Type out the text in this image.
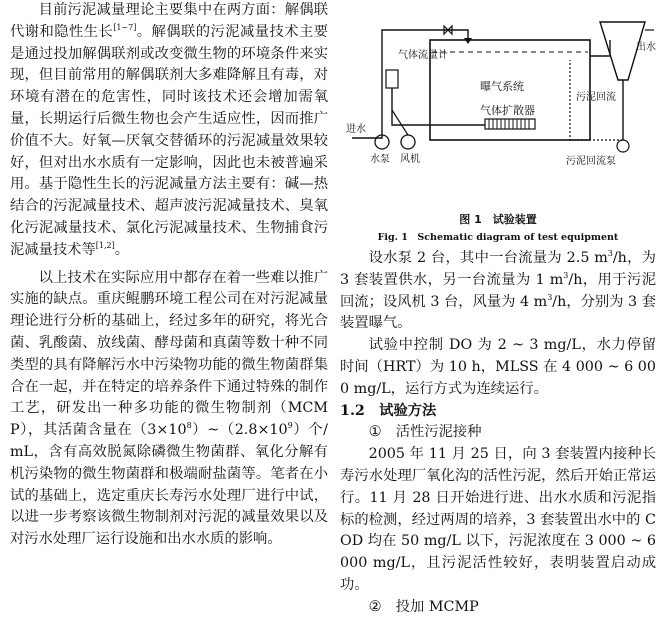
目前污泥减量理论主要集中在两方面：解偶联代谢和隐性生长[1~7]。解偶联的污泥减量技术主要是通过投加解偶联剂或改变微生物的环境条件来实现，但目前常用的解偶联剂大多难降解且有毒，对环境有潜在的危害性，同时该技术还会增加需氧量，长期运行后微生物也会产生适应性，因而推广价值不大。好氧—厌氧交替循环的污泥减量效果较好，但对出水水质有一定影响，因此也未被普遍采用。基于隐性生长的污泥减量方法主要有：碱—热结合的污泥减量技术、超声波污泥减量技术、臭氧化污泥减量技术、氯化污泥减量技术、生物捕食污泥减量技术等[1,2]。

以上技术在实际应用中都存在着一些难以推广实施的缺点。重庆鲲鹏环境工程公司在对污泥减量理论进行分析的基础上，经过多年的研究，将光合菌、乳酸菌、放线菌、酵母菌和真菌等数十种不同类型的具有降解污水中污染物功能的微生物菌群集合在一起，并在特定的培养条件下通过特殊的制作工艺，研发出一种多功能的微生物制剂（MCMP），其活菌含量在$(3\times 10^8)\sim(2.8\times 10^9)$个/mL，含有高效脱氮除磷微生物菌群、氧化分解有机污染物的微生物菌群和极端耐盐菌等。笔者在小试的基础上，选定重庆长寿污水处理厂进行中试，以进一步考察该微生物制剂对污泥的减量效果以及对污水处理厂运行设施和出水水质的影响。

气体流量计
曝气系统
气体扩散器
进水
水泵 风机
污泥回流
污泥回流泵
出水

图 1　试验装置

Fig. 1　Schematic diagram of test equipment

设水泵 2 台，其中一台流量为 2.5 $m^3/h$，为 3 套装置供水，另一台流量为 1 $m^3/h$，用于污泥回流；设风机 3 台，风量为 4 $m^3/h$，分别为 3 套装置曝气。

试验中控制 DO 为 2 ~ 3 mg/L，水力停留时间（HRT）为 10 h，MLSS 在 4 000 ~ 6 000 mg/L，运行方式为连续运行。

1.2　 试验方法

① 活性污泥接种

2005 年 11 月 25 日，向 3 套装置内接种长寿污水处理厂氧化沟的活性污泥，然后开始正常运行。11 月 28 日开始进行进、出水水质和污泥指标的检测，经过两周的培养，3 套装置出水中的 COD 均在 50 mg/L 以下，污泥浓度在 3 000 ~ 6 000 mg/L，且污泥活性较好，表明装置启动成功。

② 投加 MCMP
